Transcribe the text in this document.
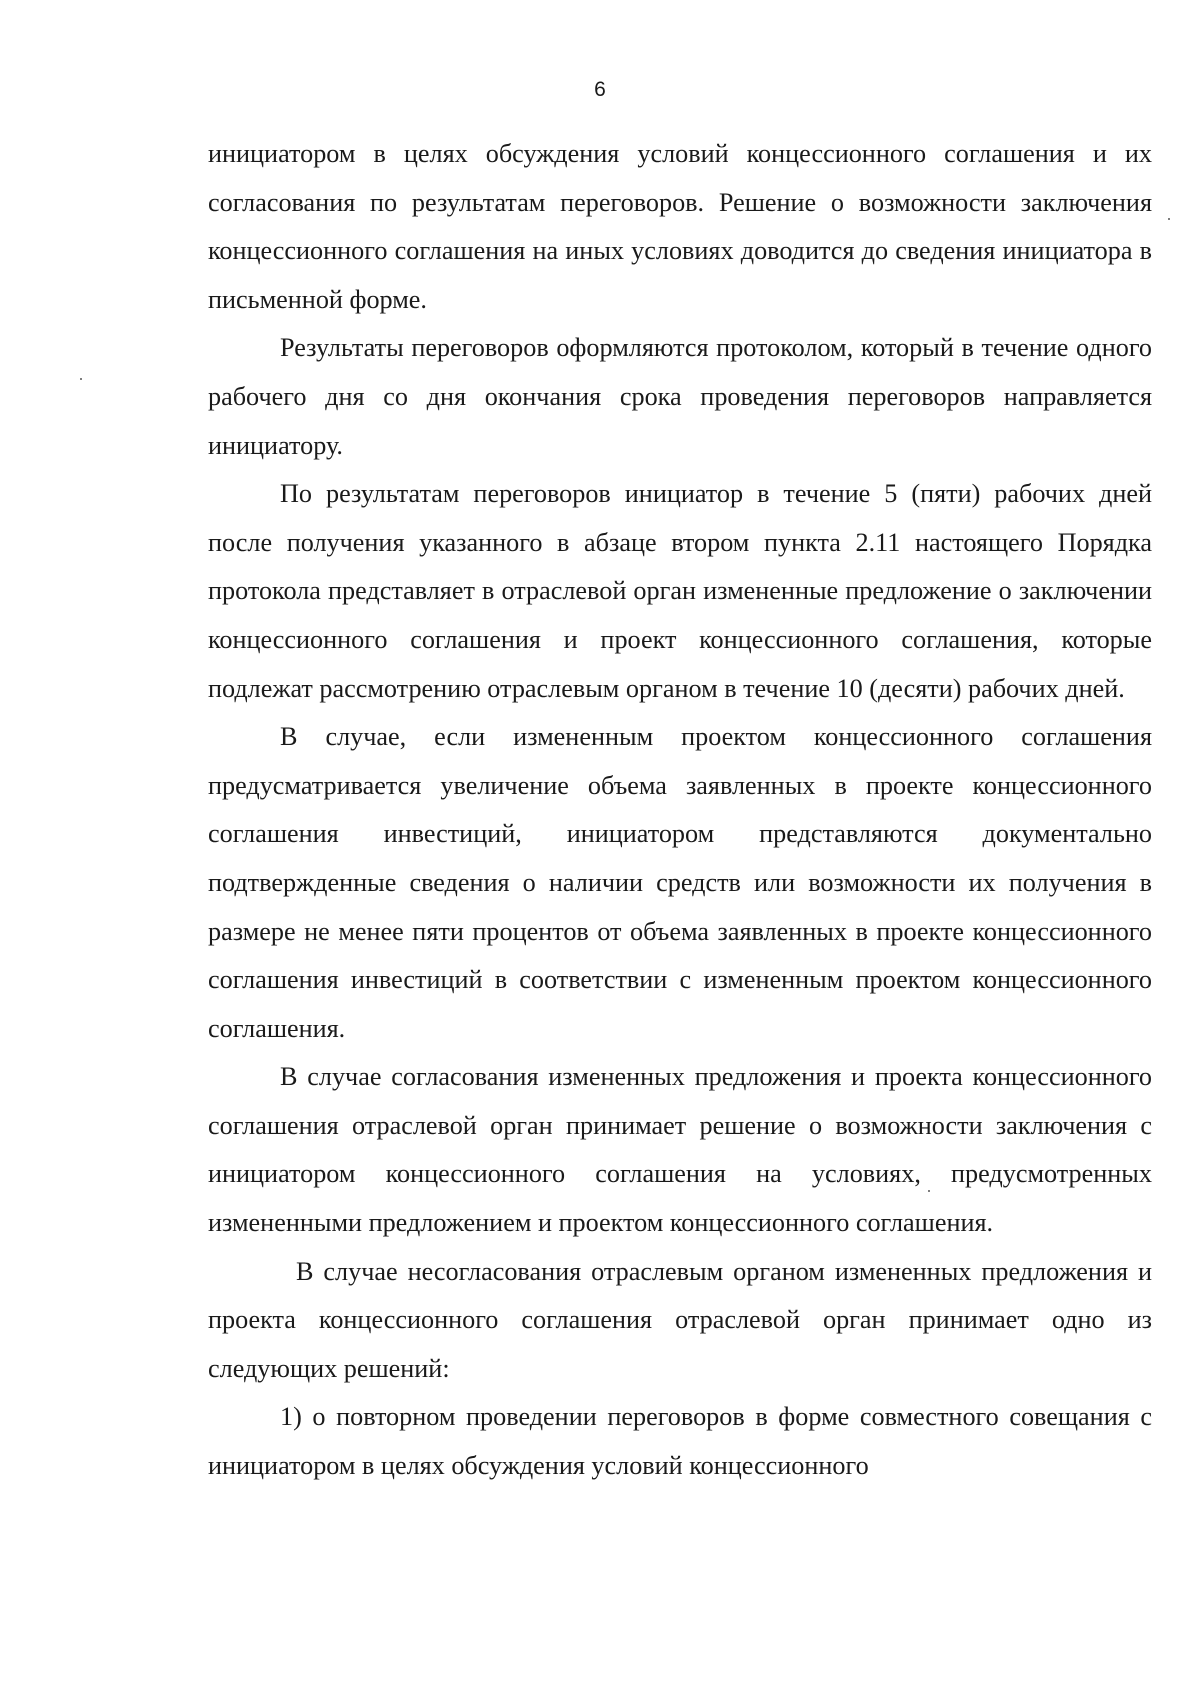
6

инициатором в целях обсуждения условий концессионного соглашения и их согласования по результатам переговоров. Решение о возможности заключения концессионного соглашения на иных условиях доводится до сведения инициатора в письменной форме.

Результаты переговоров оформляются протоколом, который в течение одного рабочего дня со дня окончания срока проведения переговоров направляется инициатору.

По результатам переговоров инициатор в течение 5 (пяти) рабочих дней после получения указанного в абзаце втором пункта 2.11 настоящего Порядка протокола представляет в отраслевой орган измененные предложение о заключении концессионного соглашения и проект концессионного соглашения, которые подлежат рассмотрению отраслевым органом в течение 10 (десяти) рабочих дней.

В случае, если измененным проектом концессионного соглашения предусматривается увеличение объема заявленных в проекте концессионного соглашения инвестиций, инициатором представляются документально подтвержденные сведения о наличии средств или возможности их получения в размере не менее пяти процентов от объема заявленных в проекте концессионного соглашения инвестиций в соответствии с измененным проектом концессионного соглашения.

В случае согласования измененных предложения и проекта концессионного соглашения отраслевой орган принимает решение о возможности заключения с инициатором концессионного соглашения на условиях, предусмотренных измененными предложением и проектом концессионного соглашения.

В случае несогласования отраслевым органом измененных предложения и проекта концессионного соглашения отраслевой орган принимает одно из следующих решений:

1) о повторном проведении переговоров в форме совместного совещания с инициатором в целях обсуждения условий концессионного
